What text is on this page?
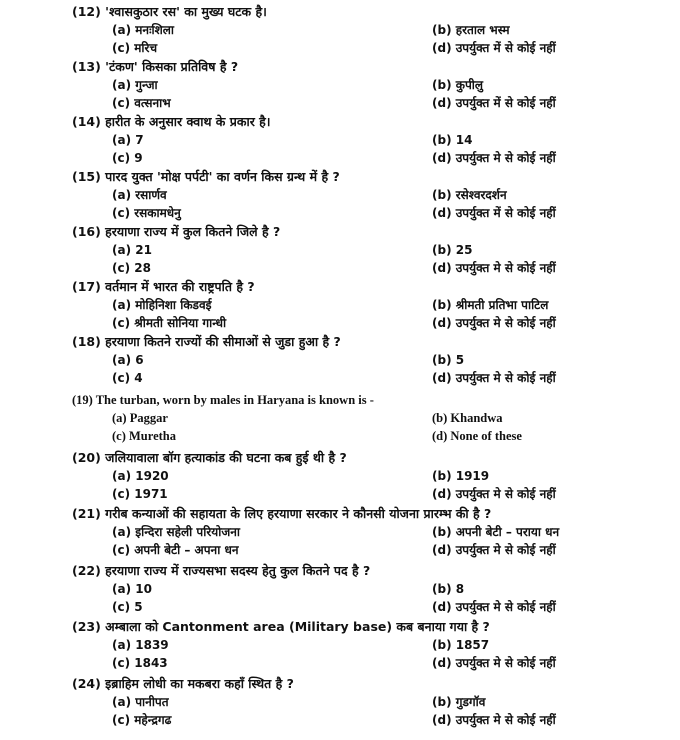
(12) 'श्वासकुठार रस' का मुख्य घटक है।
(a) मनःशिला	(b) हरताल भस्म
(c) मरिच	(d) उपर्युक्त में से कोई नहीं
(13) 'टंकण' किसका प्रतिविष है ?
(a) गुन्जा	(b) कुपीलु
(c) वत्सनाभ	(d) उपर्युक्त में से कोई नहीं
(14) हारीत के अनुसार क्वाथ के प्रकार है।
(a) 7	(b) 14
(c) 9	(d) उपर्युक्त मे से कोई नहीं
(15) पारद युक्त 'मोक्ष पर्पटी' का वर्णन किस ग्रन्थ में है ?
(a) रसार्णव	(b) रसेश्वरदर्शन
(c) रसकामधेनु	(d) उपर्युक्त में से कोई नहीं
(16) हरयाणा राज्य में कुल कितने जिले है ?
(a) 21	(b) 25
(c) 28	(d) उपर्युक्त मे से कोई नहीं
(17) वर्तमान में भारत की राष्ट्रपति है ?
(a) मोहिनिशा किडवई	(b) श्रीमती प्रतिभा पाटिल
(c) श्रीमती सोनिया गान्धी	(d) उपर्युक्त मे से कोई नहीं
(18) हरयाणा कितने राज्यों की सीमाओं से जुडा हुआ है ?
(a) 6	(b) 5
(c) 4	(d) उपर्युक्त मे से कोई नहीं
(19) The turban, worn by males in Haryana is known is -
(a) Paggar	(b) Khandwa
(c) Muretha	(d) None of these
(20) जलियावाला बॉग हत्याकांड की घटना कब हुई थी है ?
(a) 1920	(b) 1919
(c) 1971	(d) उपर्युक्त मे से कोई नहीं
(21) गरीब कन्याओं की सहायता के लिए हरयाणा सरकार ने कौनसी योजना प्रारम्भ की है ?
(a) इन्दिरा सहेली परियोजना	(b) अपनी बेटी – पराया धन
(c) अपनी बेटी – अपना धन	(d) उपर्युक्त मे से कोई नहीं
(22) हरयाणा राज्य में राज्यसभा सदस्य हेतु कुल कितने पद है ?
(a) 10	(b) 8
(c) 5	(d) उपर्युक्त मे से कोई नहीं
(23) अम्बाला को Cantonment area (Military base) कब बनाया गया है ?
(a) 1839	(b) 1857
(c) 1843	(d) उपर्युक्त मे से कोई नहीं
(24) इब्राहिम लोधी का मकबरा कहाँ स्थित है ?
(a) पानीपत	(b) गुडगॉव
(c) महेन्द्रगढ	(d) उपर्युक्त मे से कोई नहीं
